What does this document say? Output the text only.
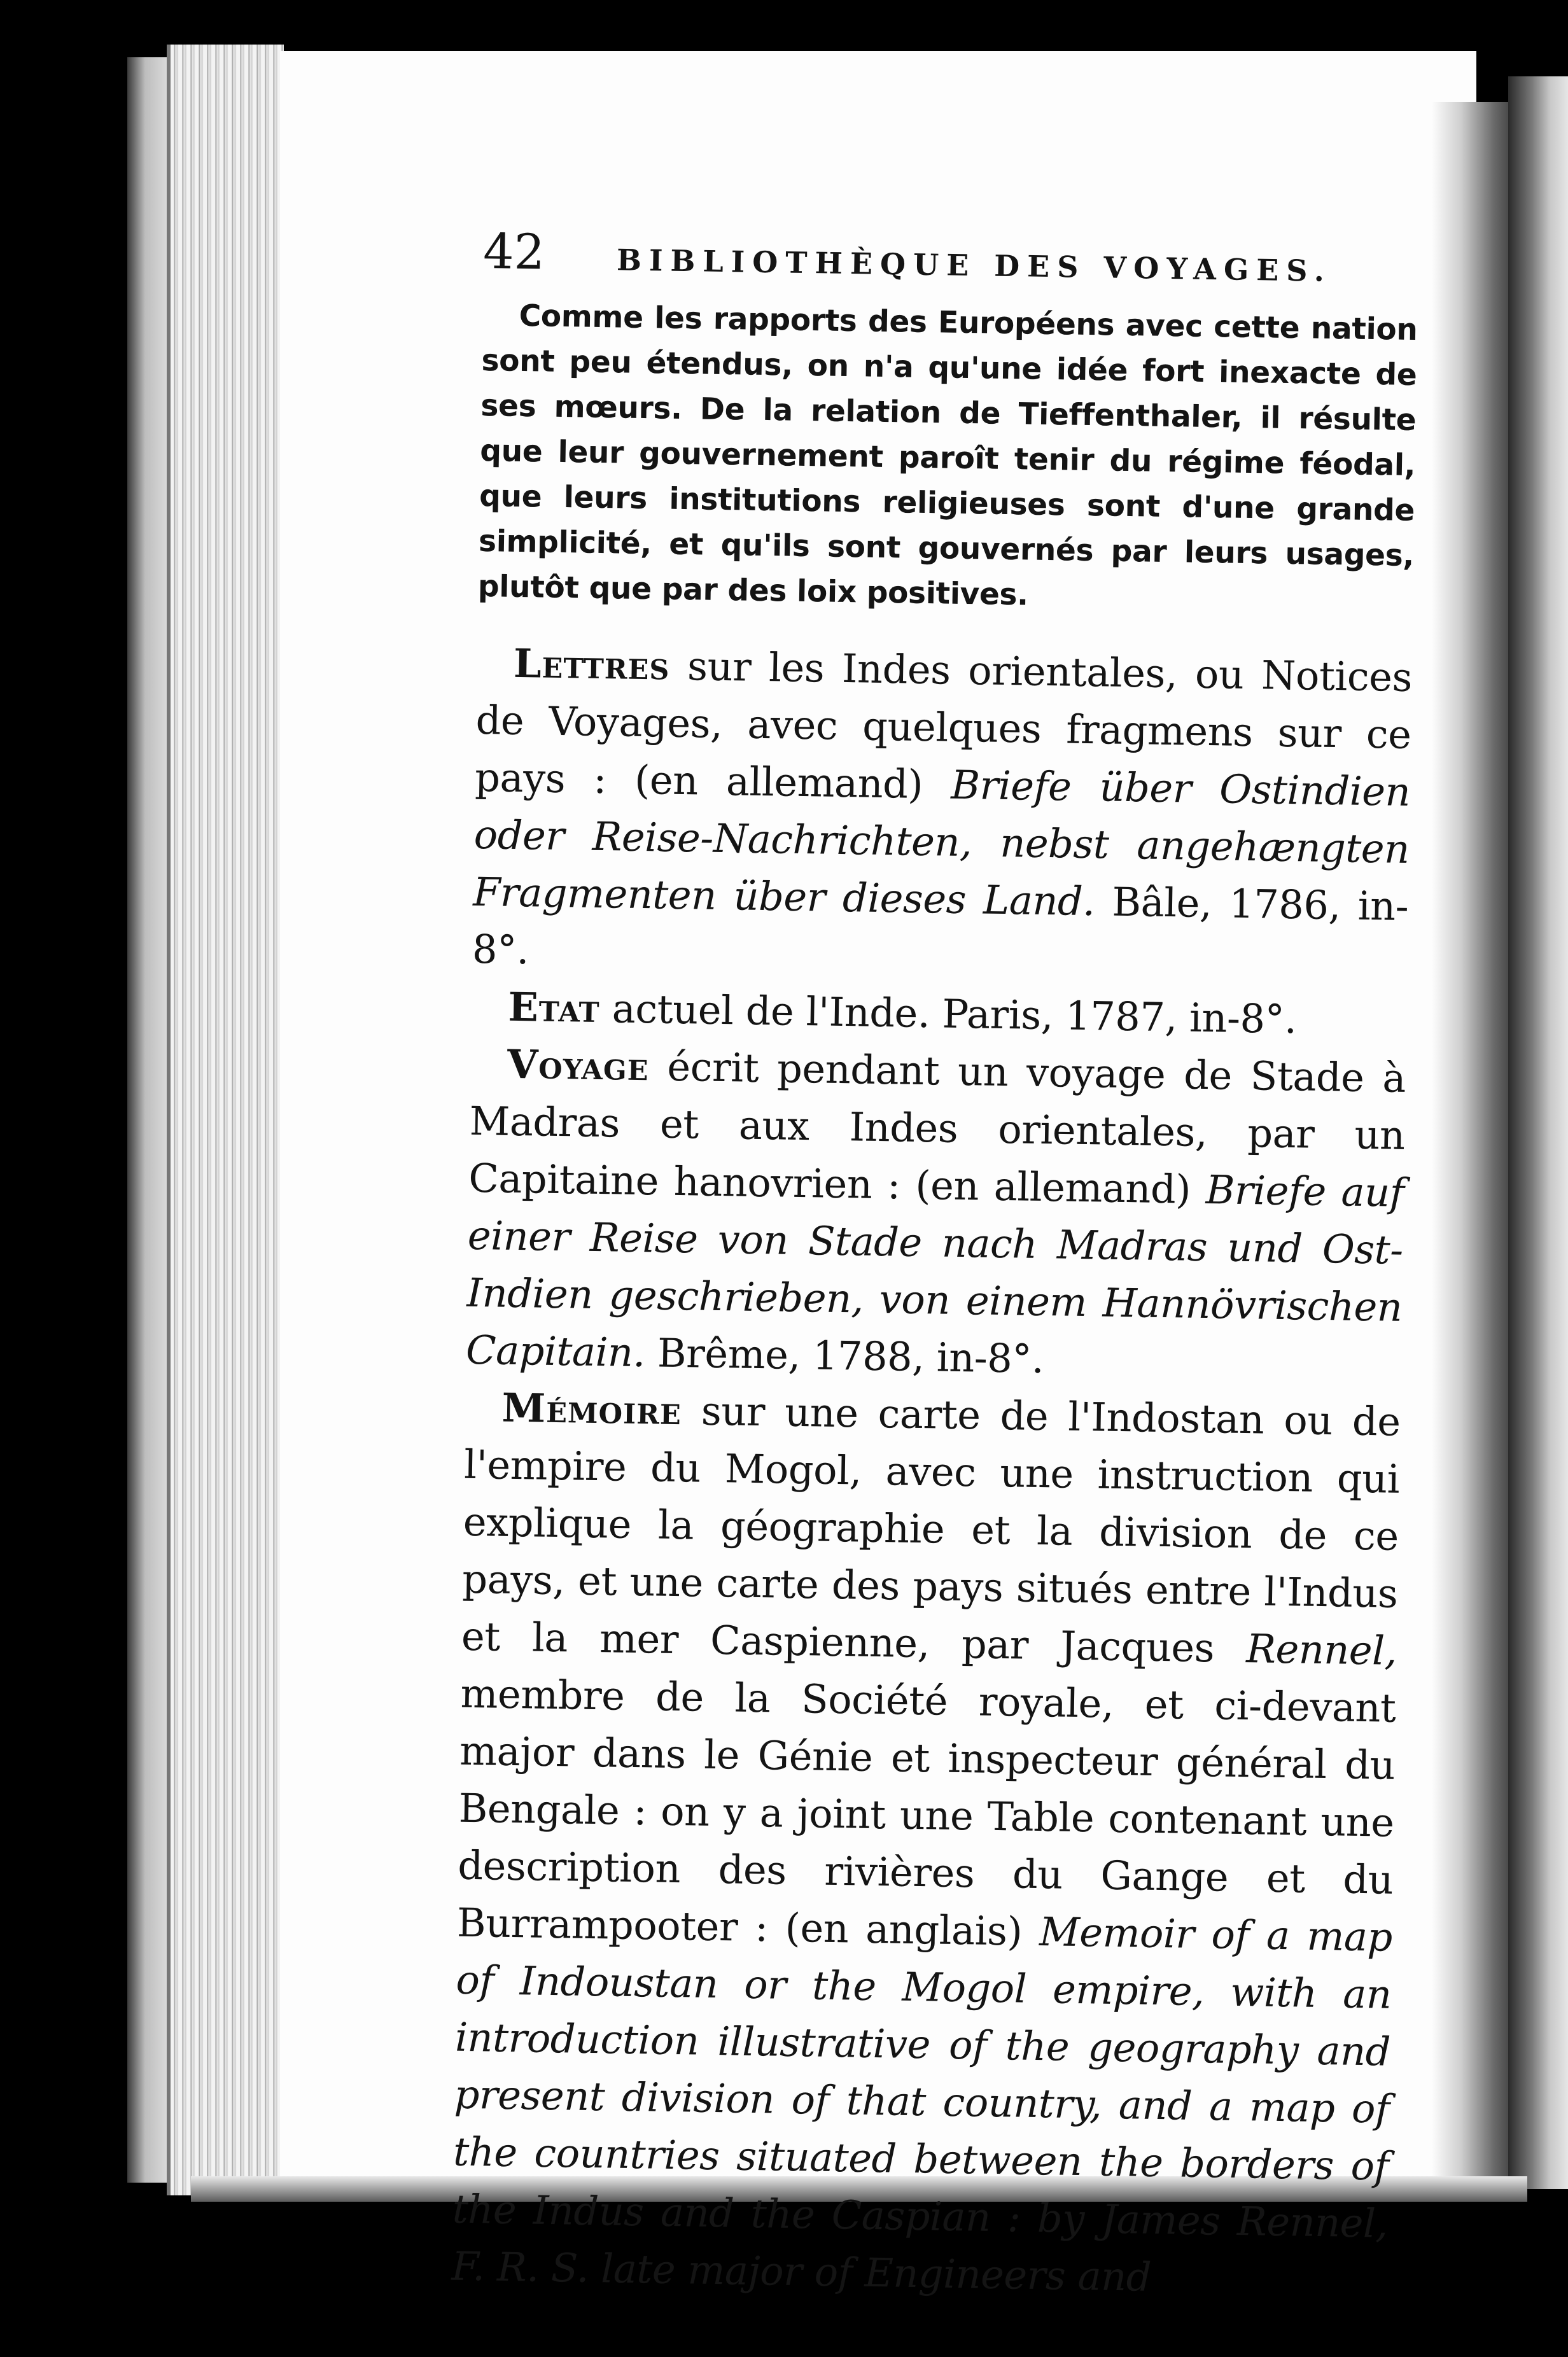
42	BIBLIOTHÈQUE DES VOYAGES.

Comme les rapports des Européens avec cette nation sont peu étendus, on n'a qu'une idée fort inexacte de ses mœurs. De la relation de Tieffenthaler, il résulte que leur gouvernement paroît tenir du régime féodal, que leurs institutions religieuses sont d'une grande simplicité, et qu'ils sont gouvernés par leurs usages, plutôt que par des loix positives.

Lettres sur les Indes orientales, ou Notices de Voyages, avec quelques fragmens sur ce pays : (en allemand) Briefe über Ostindien oder Reise-Nachrichten, nebst angehængten Fragmenten über dieses Land. Bâle, 1786, in-8°.

Etat actuel de l'Inde. Paris, 1787, in-8°.

Voyage écrit pendant un voyage de Stade à Madras et aux Indes orientales, par un Capitaine hanovrien : (en allemand) Briefe auf einer Reise von Stade nach Madras und Ost-Indien geschrieben, von einem Hannövrischen Capitain. Brême, 1788, in-8°.

Mémoire sur une carte de l'Indostan ou de l'empire du Mogol, avec une instruction qui explique la géographie et la division de ce pays, et une carte des pays situés entre l'Indus et la mer Caspienne, par Jacques Rennel, membre de la Société royale, et ci-devant major dans le Génie et inspecteur général du Bengale : on y a joint une Table contenant une description des rivières du Gange et du Burrampooter : (en anglais) Memoir of a map of Indoustan or the Mogol empire, with an introduction illustrative of the geography and present division of that country, and a map of the countries situated between the borders of the Indus and the Caspian : by James Rennel, F. R. S. late major of Engineers and
